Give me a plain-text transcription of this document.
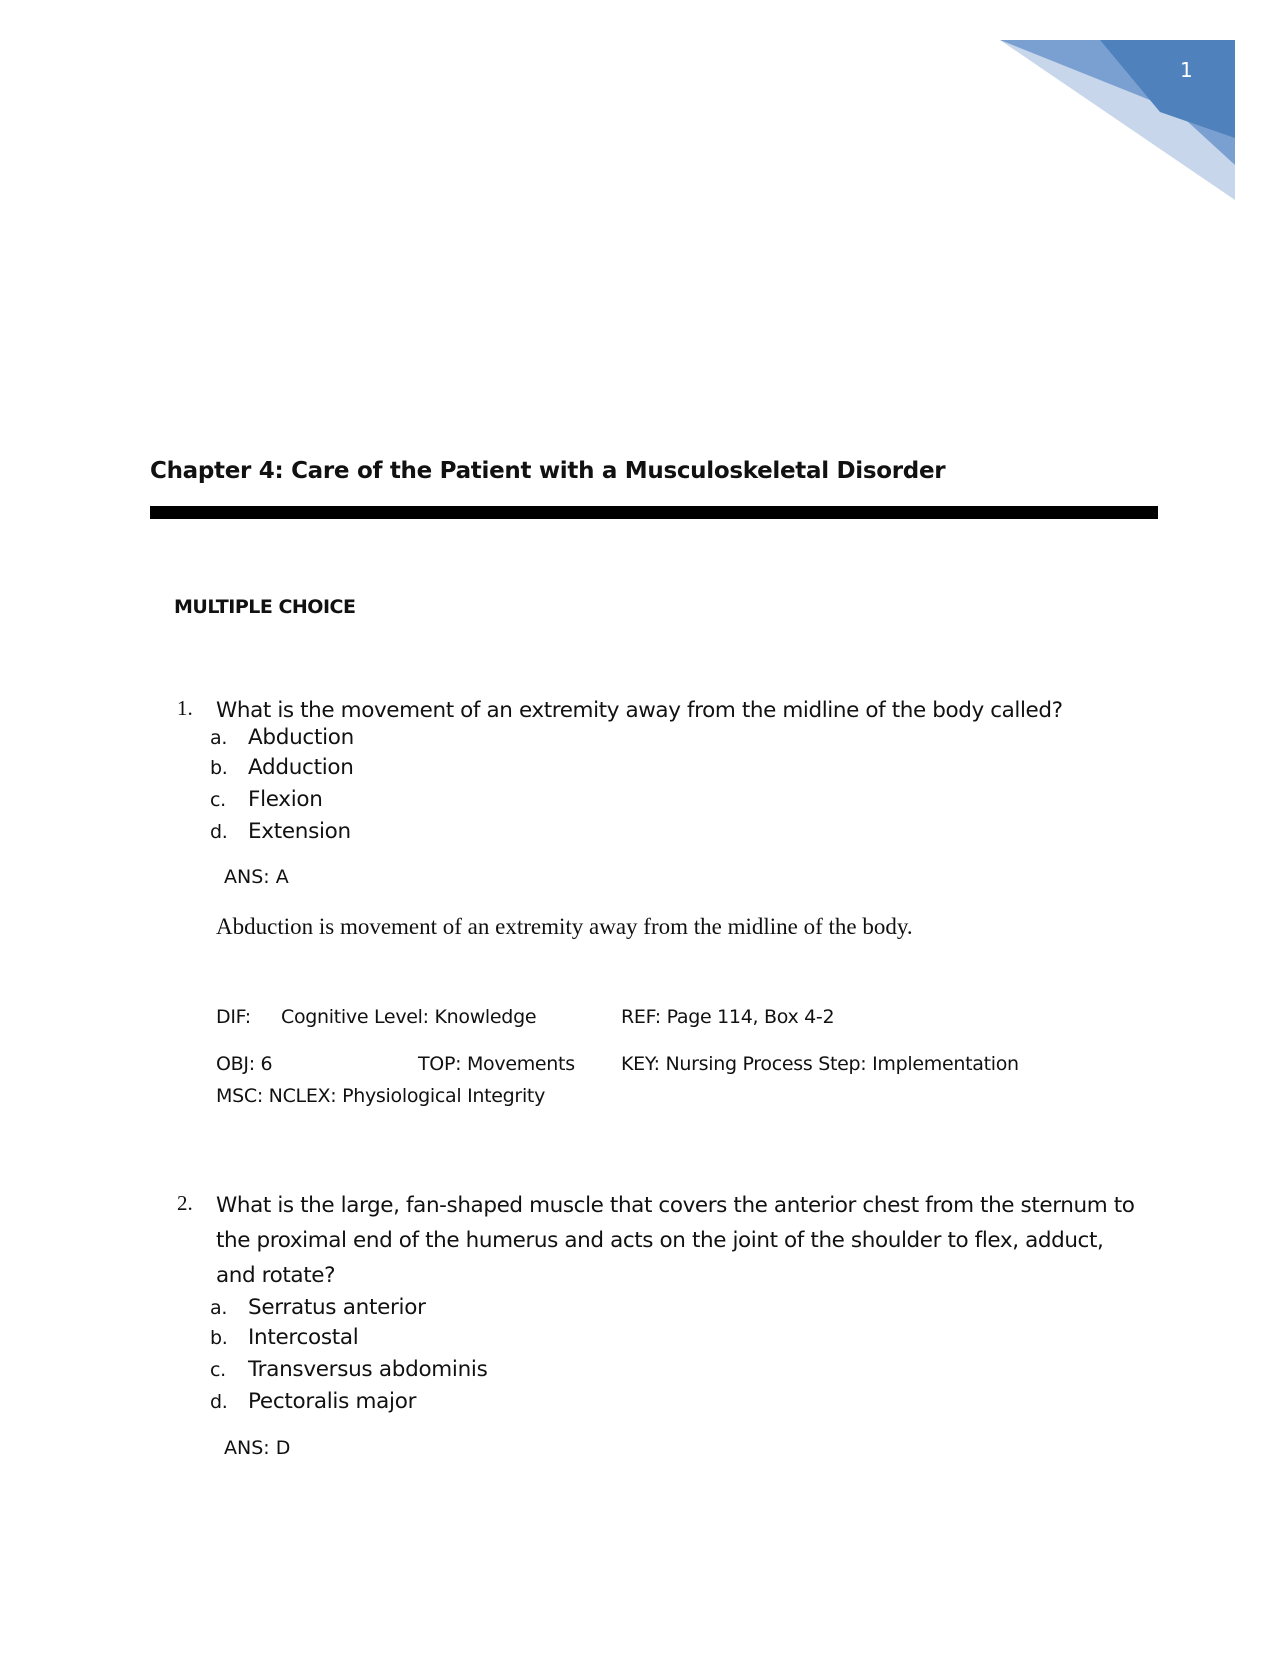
1
Chapter 4: Care of the Patient with a Musculoskeletal Disorder
MULTIPLE CHOICE
1. What is the movement of an extremity away from the midline of the body called?
a. Abduction
b. Adduction
c. Flexion
d. Extension
ANS: A
Abduction is movement of an extremity away from the midline of the body.
DIF: Cognitive Level: Knowledge	REF: Page 114, Box 4-2
OBJ: 6	TOP: Movements KEY: Nursing Process Step: Implementation
MSC: NCLEX: Physiological Integrity
2. What is the large, fan-shaped muscle that covers the anterior chest from the sternum to the proximal end of the humerus and acts on the joint of the shoulder to flex, adduct, and rotate?
a. Serratus anterior
b. Intercostal
c. Transversus abdominis
d. Pectoralis major
ANS: D
